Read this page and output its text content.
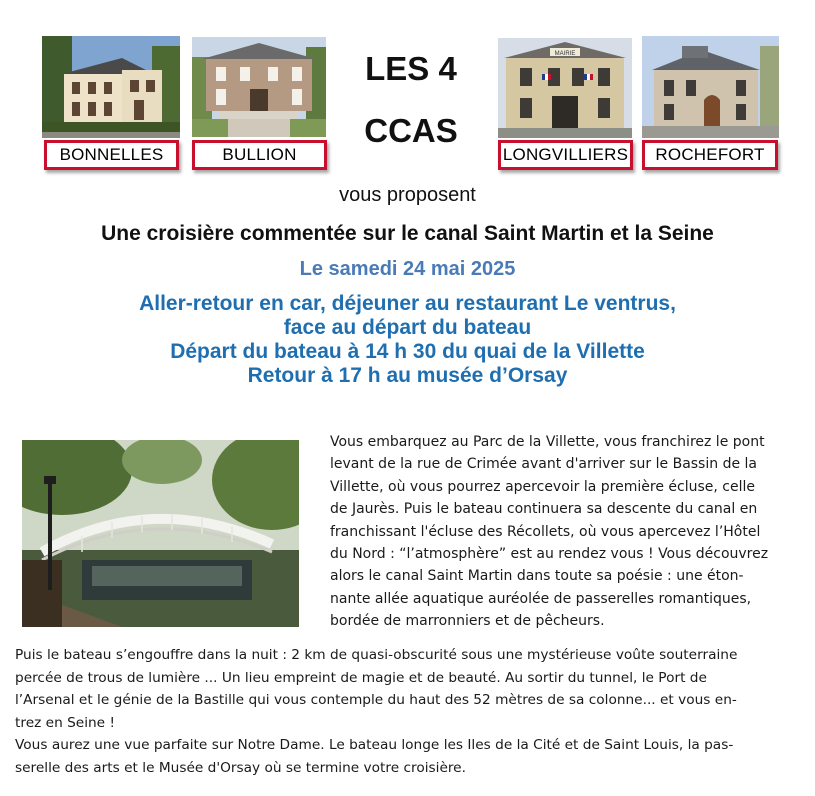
BONNELLES	BULLION
LES 4
CCAS
MAIRIE
LONGVILLIERS	ROCHEFORT
vous proposent
Une croisière commentée sur le canal Saint Martin et la Seine
Le samedi 24 mai 2025
Aller-retour en car, déjeuner au restaurant Le ventrus,
face au départ du bateau
Départ du bateau à 14 h 30 du quai de la Villette
Retour à 17 h au musée d’Orsay
Vous embarquez au Parc de la Villette, vous franchirez le pont
levant de la rue de Crimée avant d'arriver sur le Bassin de la
Villette, où vous pourrez apercevoir la première écluse, celle
de Jaurès. Puis le bateau continuera sa descente du canal en
franchissant l'écluse des Récollets, où vous apercevez l’Hôtel
du Nord : “l’atmosphère” est au rendez vous ! Vous découvrez
alors le canal Saint Martin dans toute sa poésie : une éton-
nante allée aquatique auréolée de passerelles romantiques,
bordée de marronniers et de pêcheurs.
Puis le bateau s’engouffre dans la nuit : 2 km de quasi-obscurité sous une mystérieuse voûte souterraine
percée de trous de lumière ... Un lieu empreint de magie et de beauté. Au sortir du tunnel, le Port de
l’Arsenal et le génie de la Bastille qui vous contemple du haut des 52 mètres de sa colonne... et vous en-
trez en Seine !
Vous aurez une vue parfaite sur Notre Dame. Le bateau longe les Iles de la Cité et de Saint Louis, la pas-
serelle des arts et le Musée d'Orsay où se termine votre croisière.
